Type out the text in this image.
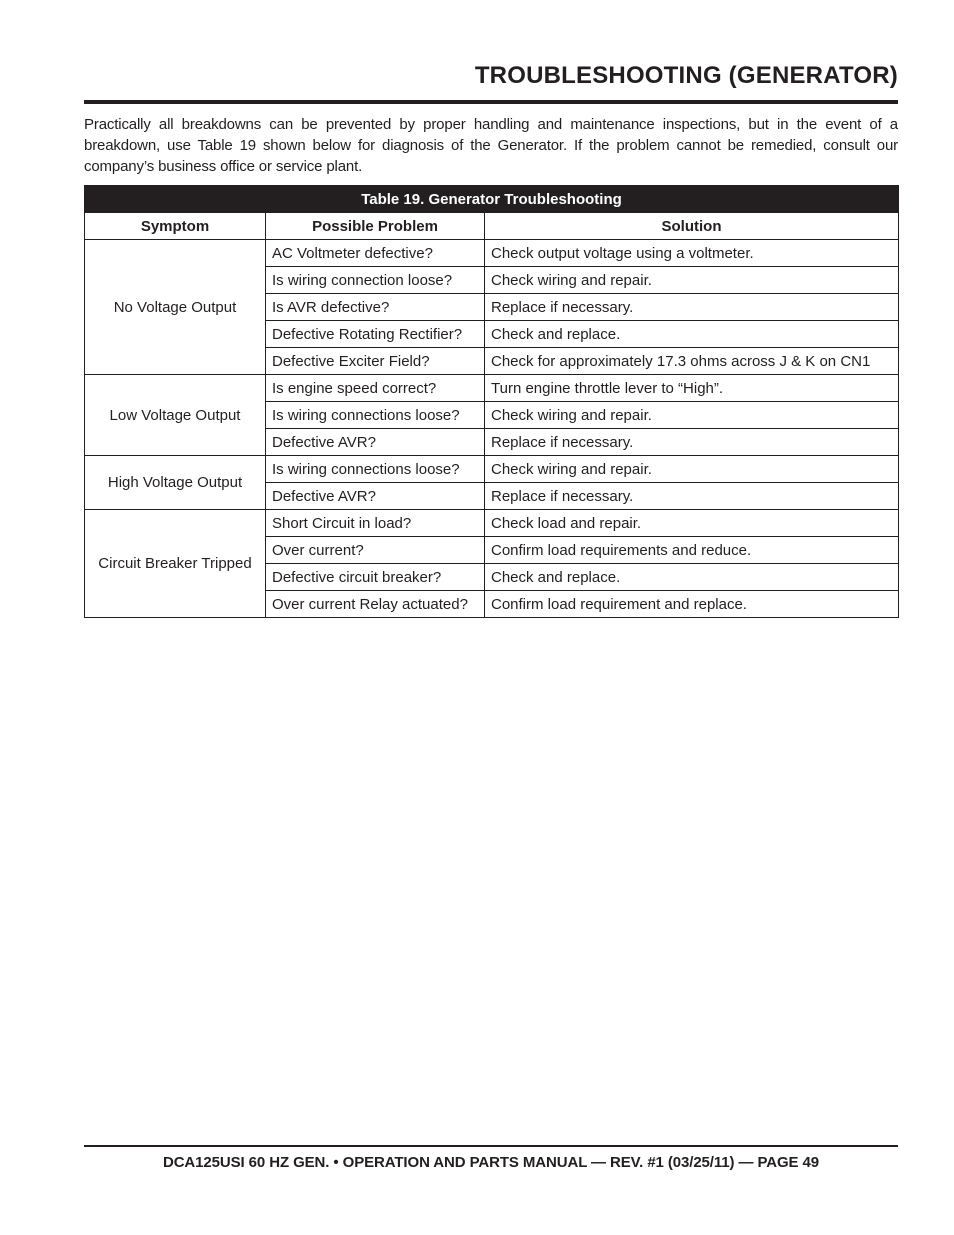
TROUBLESHOOTING (GENERATOR)
Practically all breakdowns can be prevented by proper handling and maintenance inspections, but in the event of a breakdown, use Table 19 shown below for diagnosis of the Generator. If the problem cannot be remedied, consult our company’s business office or service plant.
Table 19. Generator Troubleshooting		
Symptom	Possible Problem	Solution
No Voltage Output	AC Voltmeter defective?	Check output voltage using a voltmeter.
	Is wiring connection loose?	Check wiring and repair.
	Is AVR defective?	Replace if necessary.
	Defective Rotating Rectifier?	Check and replace.
	Defective Exciter Field?	Check for approximately 17.3 ohms across J & K on CN1
Low Voltage Output	Is engine speed correct?	Turn engine throttle lever to “High”.
	Is wiring connections loose?	Check wiring and repair.
	Defective AVR?	Replace if necessary.
High Voltage Output	Is wiring connections loose?	Check wiring and repair.
	Defective AVR?	Replace if necessary.
Circuit Breaker Tripped	Short Circuit in load?	Check load and repair.
	Over current?	Confirm load requirements and reduce.
	Defective circuit breaker?	Check and replace.
	Over current Relay actuated?	Confirm load requirement and replace.
DCA125USI 60 HZ GEN. • OPERATION AND PARTS MANUAL — REV. #1 (03/25/11) — PAGE 49
